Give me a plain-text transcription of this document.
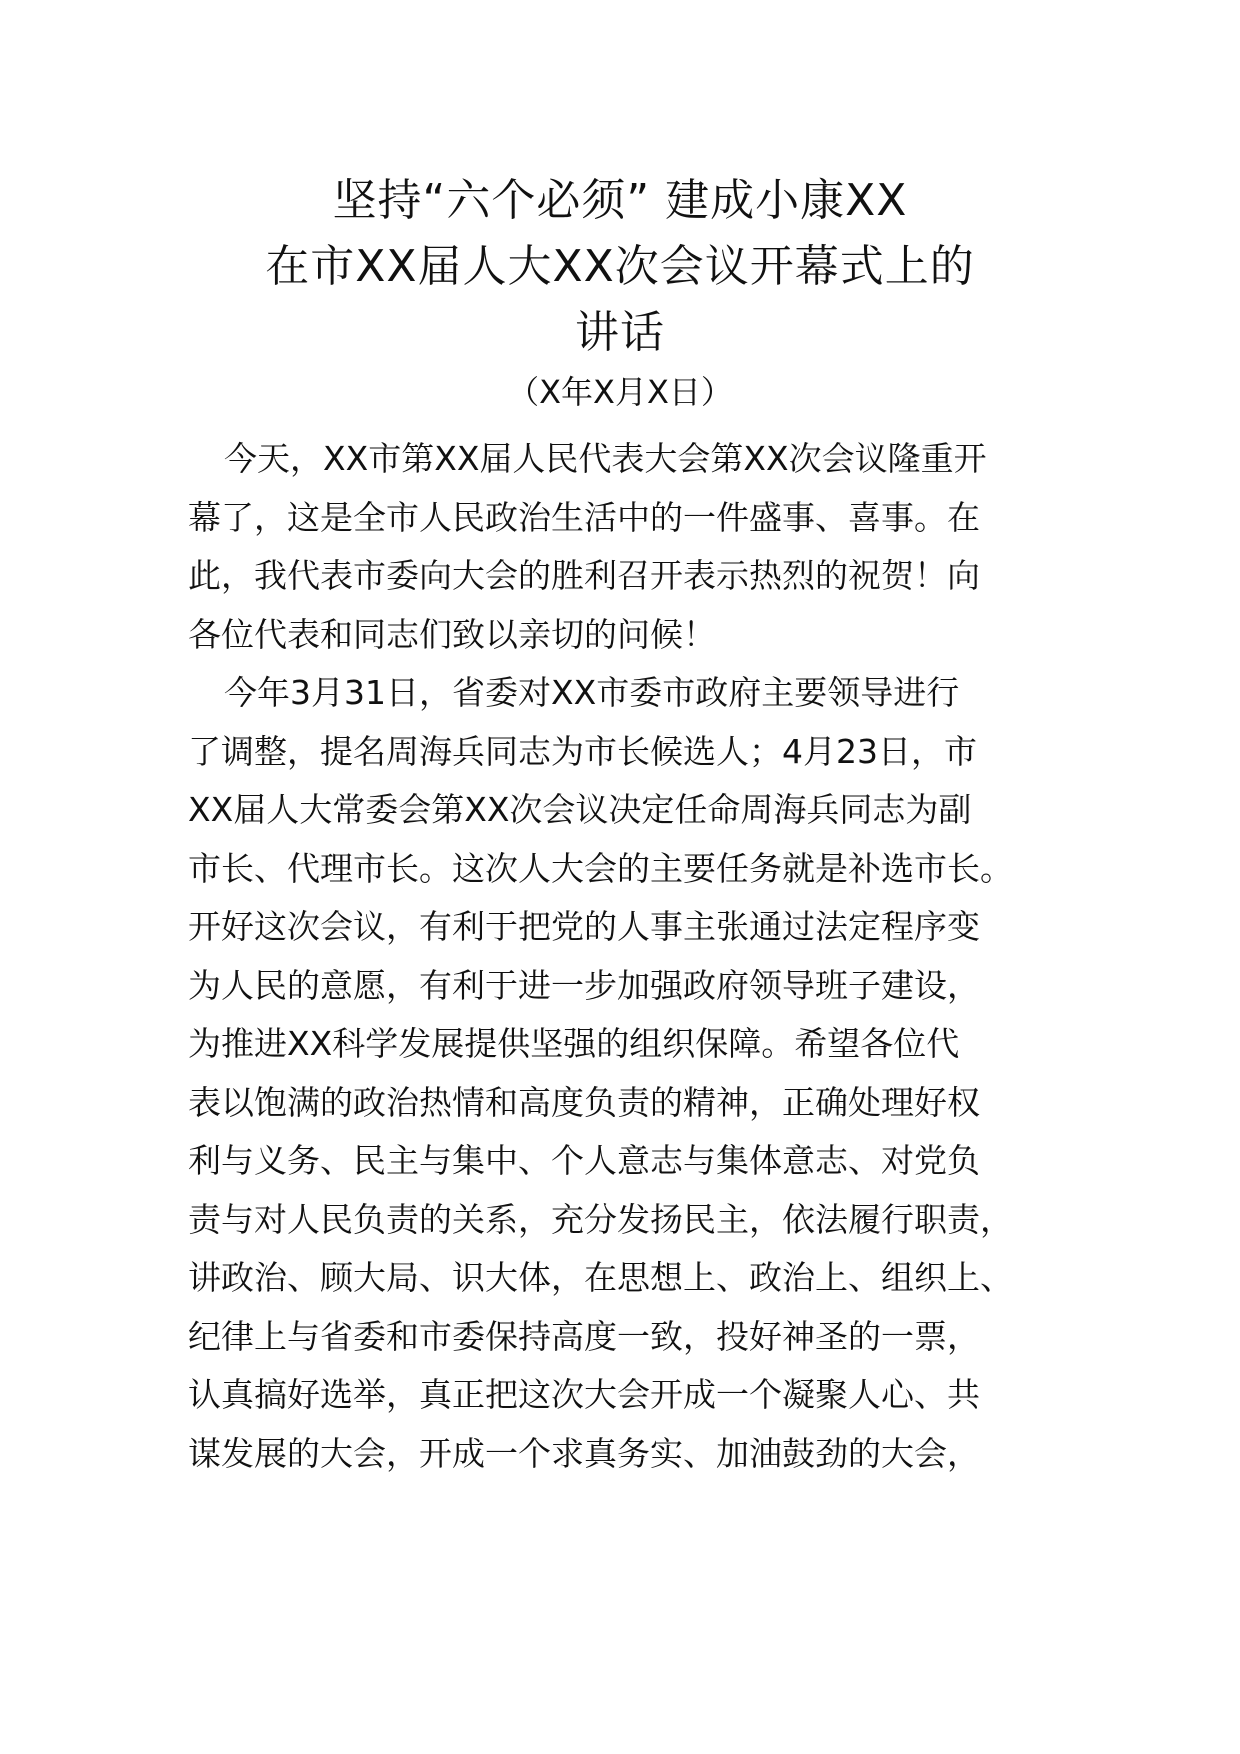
坚持“六个必须” 建成小康XX
在市XX届人大XX次会议开幕式上的
讲话
（X年X月X日）
今天，XX市第XX届人民代表大会第XX次会议隆重开
幕了，这是全市人民政治生活中的一件盛事、喜事。在
此，我代表市委向大会的胜利召开表示热烈的祝贺！向
各位代表和同志们致以亲切的问候！
今年3月31日，省委对XX市委市政府主要领导进行
了调整，提名周海兵同志为市长候选人；4月23日，市
XX届人大常委会第XX次会议决定任命周海兵同志为副
市长、代理市长。这次人大会的主要任务就是补选市长。
开好这次会议，有利于把党的人事主张通过法定程序变
为人民的意愿，有利于进一步加强政府领导班子建设，
为推进XX科学发展提供坚强的组织保障。希望各位代
表以饱满的政治热情和高度负责的精神，正确处理好权
利与义务、民主与集中、个人意志与集体意志、对党负
责与对人民负责的关系，充分发扬民主，依法履行职责，
讲政治、顾大局、识大体，在思想上、政治上、组织上、
纪律上与省委和市委保持高度一致，投好神圣的一票，
认真搞好选举，真正把这次大会开成一个凝聚人心、共
谋发展的大会，开成一个求真务实、加油鼓劲的大会，
